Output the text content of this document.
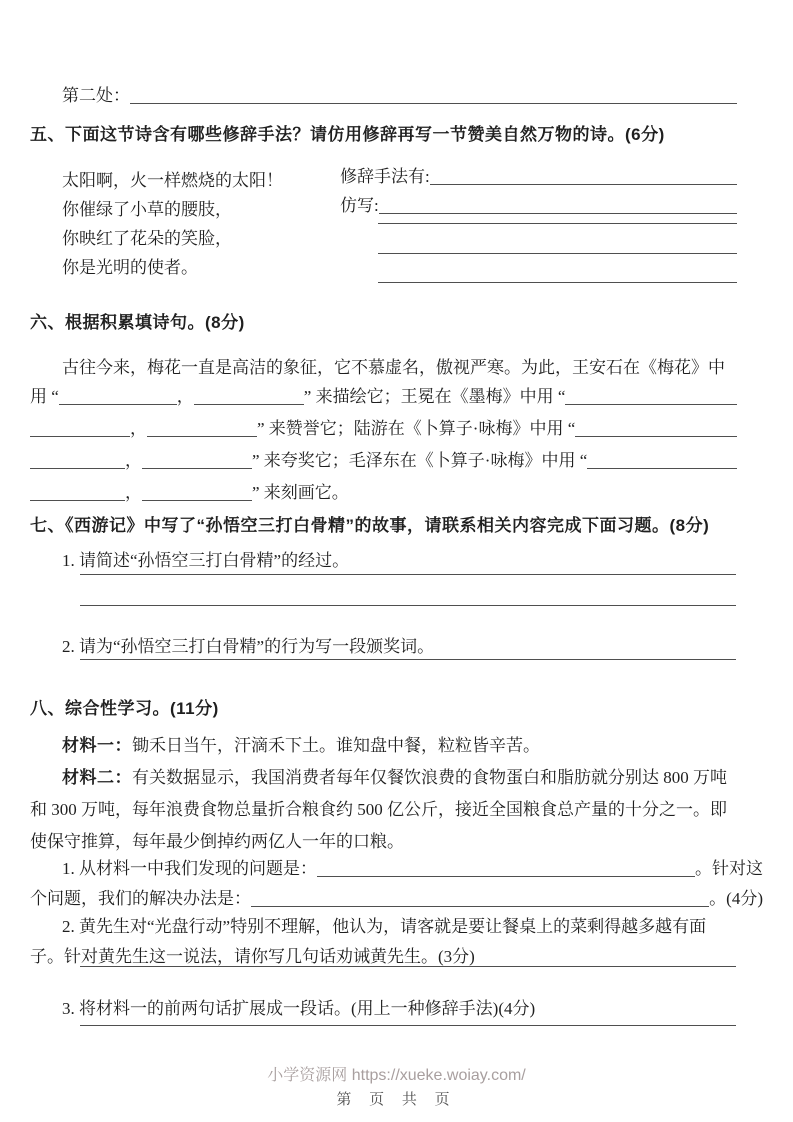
第二处：
五、下面这节诗含有哪些修辞手法？请仿用修辞再写一节赞美自然万物的诗。(6分)
太阳啊，火一样燃烧的太阳！
你催绿了小草的腰肢，
你映红了花朵的笑脸，
你是光明的使者。
修辞手法有:
仿写:
六、根据积累填诗句。(8分)
古往今来，梅花一直是高洁的象征，它不慕虚名，傲视严寒。为此，王安石在《梅花》中
用 “	，	” 来描绘它；王冕在《墨梅》中用 “
，	” 来赞誉它；陆游在《卜算子·咏梅》中用 “
，	” 来夸奖它；毛泽东在《卜算子·咏梅》中用 “
，	” 来刻画它。
七、《西游记》中写了“孙悟空三打白骨精”的故事，请联系相关内容完成下面习题。(8分)
1. 请简述“孙悟空三打白骨精”的经过。
2. 请为“孙悟空三打白骨精”的行为写一段颁奖词。
八、综合性学习。(11分)
材料一： 锄禾日当午，汗滴禾下土。谁知盘中餐，粒粒皆辛苦。
材料二： 有关数据显示，我国消费者每年仅餐饮浪费的食物蛋白和脂肪就分别达 800 万吨
和 300 万吨，每年浪费食物总量折合粮食约 500 亿公斤，接近全国粮食总产量的十分之一。即
使保守推算，每年最少倒掉约两亿人一年的口粮。
1. 从材料一中我们发现的问题是：	。针对这
个问题，我们的解决办法是：	。(4分)
2. 黄先生对“光盘行动”特别不理解，他认为，请客就是要让餐桌上的菜剩得越多越有面
子。针对黄先生这一说法，请你写几句话劝诫黄先生。(3分)
3. 将材料一的前两句话扩展成一段话。(用上一种修辞手法)(4分)
小学资源网 https://xueke.woiay.com/
第 页 共 页
